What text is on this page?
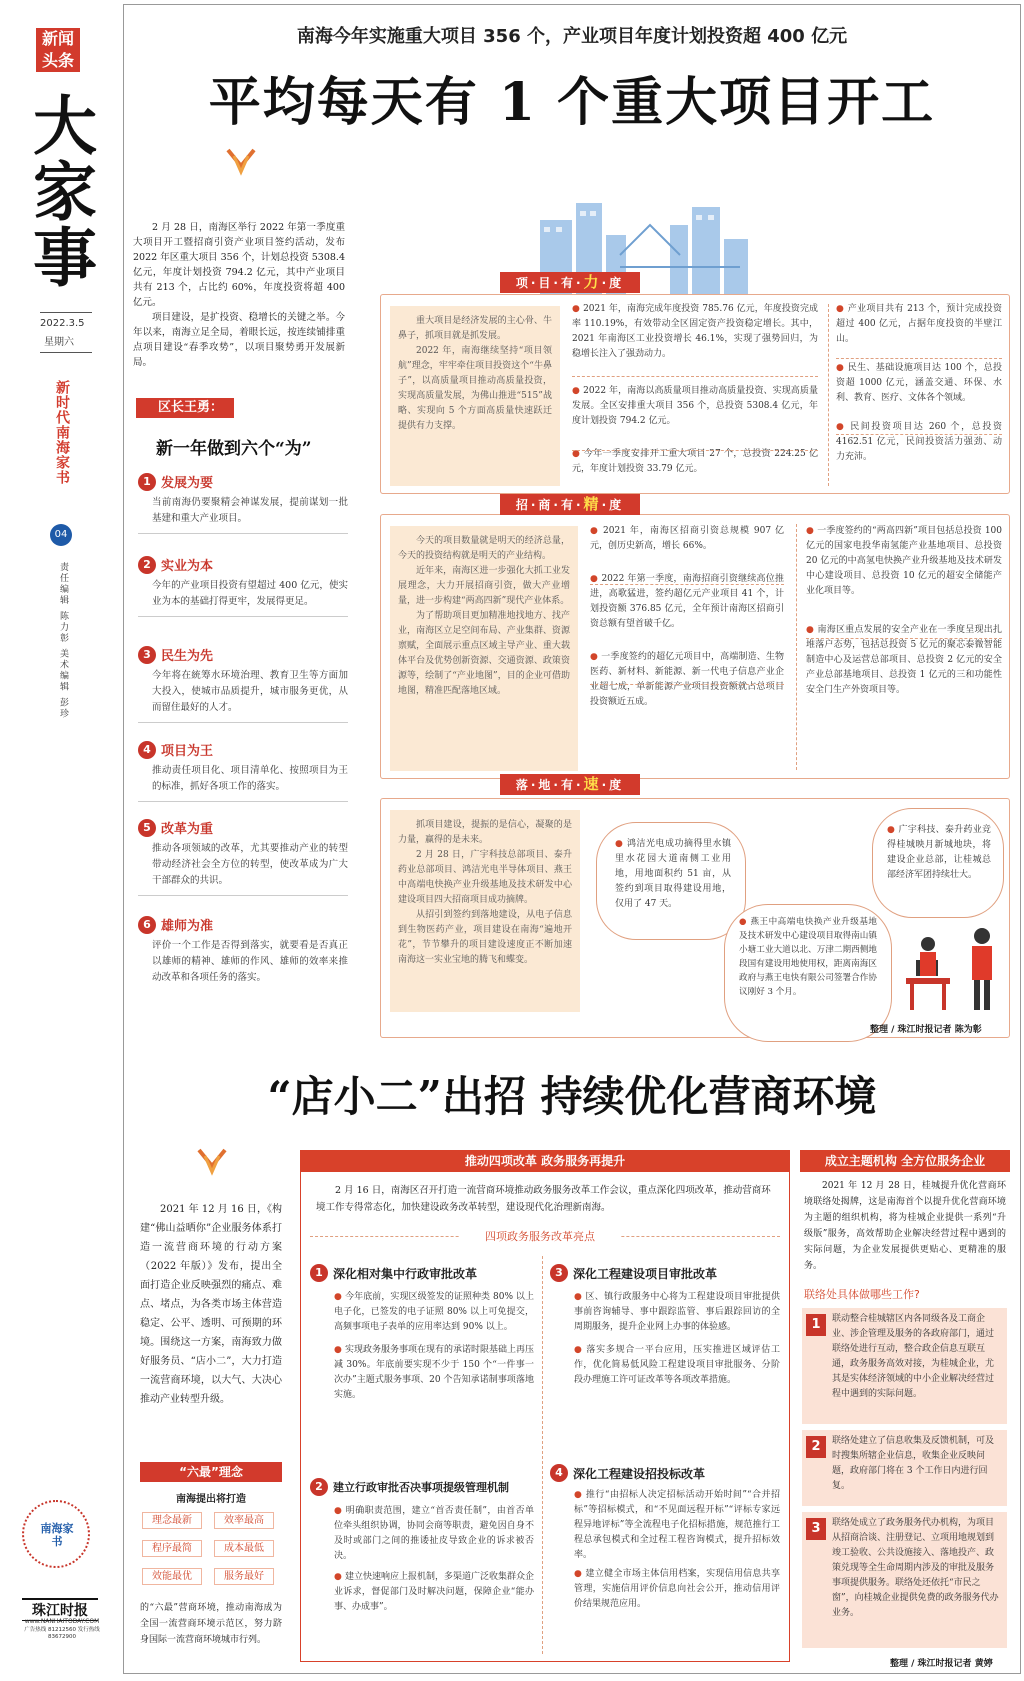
新闻
头条
大家事
2022.3.5
星期六
新时代南海家书
04
责任编辑 陈力彰 美术编辑 彭珍
南海家书
珠江时报
www.NANHAITODAY.COM
广告热线 81212560 发行热线 83672900
南海今年实施重大项目 356 个，产业项目年度计划投资超 400 亿元
平均每天有 1 个重大项目开工

2 月 28 日，南海区举行 2022 年第一季度重大项目开工暨招商引资产业项目签约活动，发布 2022 年区重大项目 356 个，计划总投资 5308.4 亿元，年度计划投资 794.2 亿元，其中产业项目共有 213 个，占比约 60%，年度投资将超 400 亿元。

项目建设，是扩投资、稳增长的关键之举。今年以来，南海立足全局，着眼长远，按连续铺排重点项目建设“春季攻势”，以项目聚势勇开发展新局。

区长王勇：
新一年做到六个“为”
1 发展为要
当前南海仍要聚精会神谋发展，提前谋划一批基建和重大产业项目。
2 实业为本
今年的产业项目投资有望超过 400 亿元，使实业为本的基础打得更牢，发展得更足。
3 民生为先
今年将在統筹水环境治理、教育卫生等方面加大投入，使城市品质提升，城市服务更优，从而留住最好的人才。
4 项目为王
推动责任项目化、项目清单化、按照项目为王的标准，抓好各项工作的落实。
5 改革为重
推动各项领域的改革，尤其要推动产业的转型带动经济社会全方位的转型，使改革成为广大干部群众的共识。
6 雄师为准
评价一个工作是否得到落实，就要看是否真正以雄师的精神、雄师的作风、雄师的效率来推动改革和各项任务的落实。
项·目·有·力·度

重大项目是经济发展的主心骨、牛鼻子，抓项目就是抓发展。

2022 年，南海继续坚持“项目领航”理念，牢牢牵住项目投资这个“牛鼻子”，以高质量项目推动高质量投资，实现高质量发展，为佛山推进“515”战略、实现向 5 个方面高质量快速跃迁提供有力支撑。

● 2021 年，南海完成年度投资 785.76 亿元，年度投资完成率 110.19%，有效带动全区固定资产投资稳定增长。其中，2021 年南海区工业投资增长 46.1%，实现了强势回归，为稳增长注入了强劲动力。

● 2022 年，南海以高质量项目推动高质量投资、实现高质量发展。全区安排重大项目 356 个，总投资 5308.4 亿元，年度计划投资 794.2 亿元。

● 今年一季度安排开工重大项目 27 个，总投资 224.25 亿元，年度计划投资 33.79 亿元。

● 产业项目共有 213 个，预计完成投资超过 400 亿元，占据年度投资的半壁江山。

● 民生、基础设施项目达 100 个，总投资超 1000 亿元，涵盖交通、环保、水利、教育、医疗、文体各个领域。

● 民间投资项目达 260 个，总投资 4162.51 亿元，民间投资活力强劲、动力充沛。

招·商·有·精·度

今天的项目数量就是明天的经济总量，今天的投资结构就是明天的产业结构。

近年来，南海区进一步强化大抓工业发展理念，大力开展招商引资，做大产业增量，进一步构建“两高四新”现代产业体系。

为了帮助项目更加精准地找地方、找产业，南海区立足空间布局、产业集群、资源禀赋，全面展示重点区域主导产业、重大载体平台及优势创新资源、交通资源、政策资源等，绘制了“产业地图”，目的企业可借助地图，精准匹配落地区域。

● 2021 年，南海区招商引资总规模 907 亿元，创历史新高，增长 66%。

● 2022 年第一季度，南海招商引资继续高位推进，高歌猛进，签约超亿元产业项目 41 个，计划投资额 376.85 亿元，全年预计南海区招商引资总额有望首破千亿。

● 一季度签约的超亿元项目中，高端制造、生物医药、新材料、新能源、新一代电子信息产业企业超七成，单新能源产业项目投资额就占总项目投资额近五成。

● 一季度签约的“两高四新”项目包括总投资 100 亿元的国家电投华南氢能产业基地项目、总投资 20 亿元的中高氢电快换产业升级基地及技术研发中心建设项目、总投资 10 亿元的超安全储能产业化项目等。

● 南海区重点发展的安全产业在一季度呈现出扎堆落户态势，包括总投资 5 亿元的聚芯泰微智能制造中心及运营总部项目、总投资 2 亿元的安全产业总部基地项目、总投资 1 亿元的三和功能性安全门生产外资项目等。

落·地·有·速·度

抓项目建设，提振的是信心，凝聚的是力量，赢得的是未来。

2 月 28 日，广宇科技总部项目、泰升药业总部项目、鸿洁光电半导体项目、燕王中高端电快换产业升级基地及技术研发中心建设项目四大招商项目成功摘牌。

从招引到签约到落地建设，从电子信息到生物医药产业，项目建设在南海“遍地开花”，节节攀升的项目建设速度正不断加速南海这一实业宝地的腾飞和蝶变。

● 鸿洁光电成功摘得里水镇里水花园大道南侧工业用地，用地面积约 51 亩，从签约到项目取得建设用地，仅用了 47 天。

● 燕王中高端电快换产业升级基地及技术研发中心建设项目取得南山镇小塘工业大道以北、万津二期西侧地段国有建设用地使用权，距离南海区政府与燕王电快有限公司签署合作协议刚好 3 个月。

● 广宇科技、泰升药业竞得桂城映月新城地块，将建设企业总部，让桂城总部经济军团持续壮大。

整理 / 珠江时报记者 陈为彰
“店小二”出招 持续优化营商环境
2021 年 12 月 16 日，《构建“佛山益晒你”企业服务体系打造一流营商环境的行动方案（2022 年版）》发布，提出全面打造企业反映强烈的痛点、难点、堵点，为各类市场主体营造稳定、公平、透明、可预期的环境。围绕这一方案，南海致力做好服务员、“店小二”，大力打造一流营商环境，以大气、大决心推动产业转型升级。
“六最”理念
南海提出将打造
理念最新	效率最高
程序最简	成本最低
效能最优	服务最好
的“六最”营商环境，推动南海成为全国一流营商环境示范区，努力跻身国际一流营商环境城市行列。
推动四项改革 政务服务再提升
2 月 16 日，南海区召开打造一流营商环境推动政务服务改革工作会议，重点深化四项改革，推动营商环境工作专得常态化，加快建设政务改革转型，建设现代化治理新南海。
四项政务服务改革亮点
1 深化相对集中行政审批改革

● 今年底前，实现区级签发的证照种类 80% 以上电子化，已签发的电子证照 80% 以上可免提交，高频事项电子表单的应用率达到 90% 以上。

● 实现政务服务事项在现有的承诺时限基础上再压减 30%。年底前要实现不少于 150 个“一件事一次办”主题式服务事项、20 个告知承诺制事项落地实施。

2 建立行政审批否决事项提级管理机制

● 明确职责范围，建立“首否责任制”，由首否单位牵头组织协调，协同会商等职责，避免因自身不及时或部门之间的推诿扯皮导致企业的诉求被否决。

● 建立快速响应上报机制，多渠道广泛收集群众企业诉求，督促部门及时解决问题，保障企业“能办事、办成事”。

3 深化工程建设项目审批改革

● 区、镇行政服务中心将为工程建设项目审批提供事前咨询辅导、事中跟踪监管、事后跟踪回访的全周期服务，提升企业网上办事的体验感。

● 落实多规合一平台应用，压实推进区域评估工作，优化简易低风险工程建设项目审批服务、分阶段办理施工许可证改革等各项改革措施。

4 深化工程建设招投标改革

● 推行“由招标人决定招标活动开始时间”“合并招标”等招标模式，和“不见面远程开标”“评标专家远程异地评标”等全流程电子化招标措施，规范推行工程总承包模式和全过程工程咨询模式，提升招标效率。

● 建立健全市场主体信用档案，实现信用信息共享管理，实施信用评价信息向社会公开，推动信用评价结果规范应用。

成立主题机构 全方位服务企业
2021 年 12 月 28 日，桂城提升优化营商环境联络处揭牌，这是南海首个以提升优化营商环境为主题的组织机构，将为桂城企业提供一系列“升级版”服务，高效帮助企业解决经营过程中遇到的实际问题，为企业发展提供更贴心、更精准的服务。
联络处具体做哪些工作?
1	联动整合桂城辖区内各同级各及工商企业、涉企管理及服务的各政府部门，通过联络处进行互动，整合政企信息互联互通，政务服务高效对接，为桂城企业，尤其是实体经济领域的中小企业解决经营过程中遇到的实际问题。
2	联络处建立了信息收集及反馈机制，可及时搜集所辖企业信息，收集企业反映问题，政府部门将在 3 个工作日内进行回复。
3	联络处成立了政务服务代办机构，为项目从招商洽谈、注册登记、立项用地规划到竣工验收、公共设施接入、落地投产、政策兑现等全生命周期内涉及的审批及服务事项提供服务。联络处还依托“市民之窗”，向桂城企业提供免费的政务服务代办业务。
整理 / 珠江时报记者 黄婷
